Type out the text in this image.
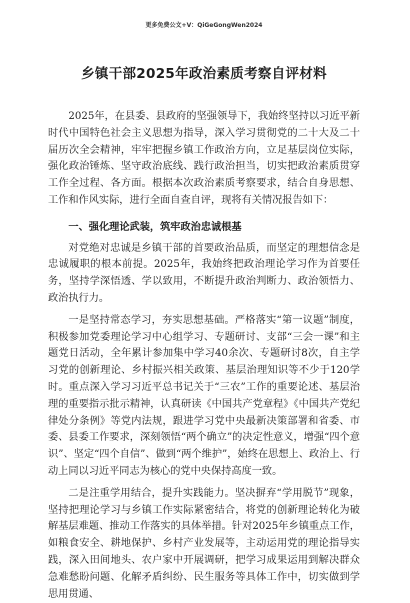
更多免费公文+V：QiGeGongWen2024
乡镇干部2025年政治素质考察自评材料

2025年，在县委、县政府的坚强领导下，我始终坚持以习近平新时代中国特色社会主义思想为指导，深入学习贯彻党的二十大及二十届历次全会精神，牢牢把握乡镇工作政治方向，立足基层岗位实际，强化政治锤炼、坚守政治底线、践行政治担当，切实把政治素质贯穿工作全过程、各方面。根据本次政治素质考察要求，结合自身思想、工作和作风实际，进行全面自查自评，现将有关情况报告如下：

一、强化理论武装，筑牢政治忠诚根基

对党绝对忠诚是乡镇干部的首要政治品质，而坚定的理想信念是忠诚履职的根本前提。2025年，我始终把政治理论学习作为首要任务，坚持学深悟透、学以致用，不断提升政治判断力、政治领悟力、政治执行力。

一是坚持常态学习，夯实思想基础。严格落实“第一议题”制度，积极参加党委理论学习中心组学习、专题研讨、支部“三会一课”和主题党日活动，全年累计参加集中学习40余次、专题研讨8次，自主学习党的创新理论、乡村振兴相关政策、基层治理知识等不少于120学时。重点深入学习习近平总书记关于“三农”工作的重要论述、基层治理的重要指示批示精神，认真研读《中国共产党章程》《中国共产党纪律处分条例》等党内法规，跟进学习党中央最新决策部署和省委、市委、县委工作要求，深刻领悟“两个确立”的决定性意义，增强“四个意识”、坚定“四个自信”、做到“两个维护”，始终在思想上、政治上、行动上同以习近平同志为核心的党中央保持高度一致。

二是注重学用结合，提升实践能力。坚决摒弃“学用脱节”现象，坚持把理论学习与乡镇工作实际紧密结合，将党的创新理论转化为破解基层难题、推动工作落实的具体举措。针对2025年乡镇重点工作，如粮食安全、耕地保护、乡村产业发展等，主动运用党的理论指导实践，深入田间地头、农户家中开展调研，把学习成果运用到解决群众急难愁盼问题、化解矛盾纠纷、民生服务等具体工作中，切实做到学思用贯通、
